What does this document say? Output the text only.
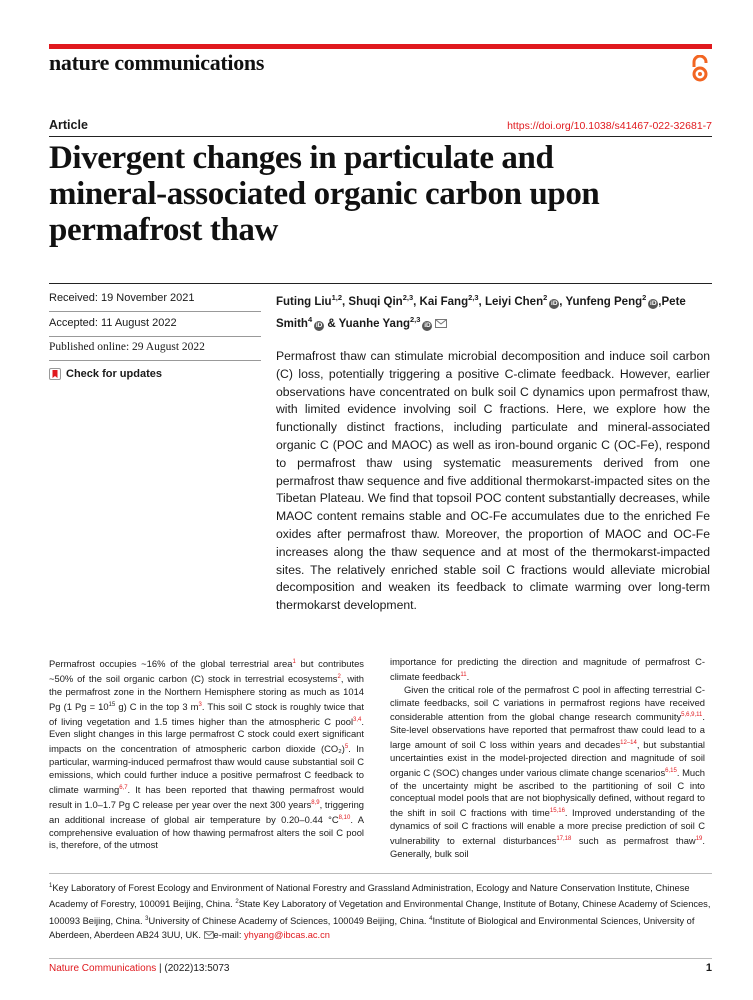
nature communications
Article	https://doi.org/10.1038/s41467-022-32681-7
Divergent changes in particulate and
mineral-associated organic carbon upon
permafrost thaw
Received: 19 November 2021
Accepted: 11 August 2022
Published online: 29 August 2022
Check for updates
Futing Liu$^{1,2}$, Shuqi Qin$^{2,3}$, Kai Fang$^{2,3}$, Leiyi Chen$^2$iD , Yunfeng Peng$^2$iD ,Pete Smith$^4$iD & Yuanhe Yang$^{2,3}$iD

Permafrost thaw can stimulate microbial decomposition and induce soil carbon (C) loss, potentially triggering a positive C-climate feedback. However, earlier observations have concentrated on bulk soil C dynamics upon permafrost thaw, with limited evidence involving soil C fractions. Here, we explore how the functionally distinct fractions, including particulate and mineral-associated organic C (POC and MAOC) as well as iron-bound organic C (OC-Fe), respond to permafrost thaw using systematic measurements derived from one permafrost thaw sequence and five additional thermokarst-impacted sites on the Tibetan Plateau. We find that topsoil POC content substantially decreases, while MAOC content remains stable and OC-Fe accumulates due to the enriched Fe oxides after permafrost thaw. Moreover, the proportion of MAOC and OC-Fe increases along the thaw sequence and at most of the thermokarst-impacted sites. The relatively enriched stable soil C fractions would alleviate microbial decomposition and weaken its feedback to climate warming over long-term thermokarst development.

Permafrost occupies ~16% of the global terrestrial area$^1$ but contributes ~50% of the soil organic carbon (C) stock in terrestrial ecosystems$^2$, with the permafrost zone in the Northern Hemisphere storing as much as 1014 Pg (1 $Pg = 10^{15}$ g) C in the top 3 $m^3$. This soil C stock is roughly twice that of living vegetation and 1.5 times higher than the atmospheric C pool$^{3,4}$. Even slight changes in this large permafrost C stock could exert significant impacts on the concentration of atmospheric carbon dioxide $(CO_2)^5$. In particular, warming-induced permafrost thaw would cause substantial soil C emissions, which could further induce a positive permafrost C feedback to climate warming$^{6,7}$. It has been reported that thawing permafrost would result in 1.0–1.7 Pg C release per year over the next 300 years$^{8,9}$, triggering an additional increase of global air temperature by 0.20–0.44 $^\circ C^{8,10}$. A comprehensive evaluation of how thawing permafrost alters the soil C pool is, therefore, of the utmost
importance for predicting the direction and magnitude of permafrost C-climate feedback$^{11}$.
Given the critical role of the permafrost C pool in affecting terrestrial C-climate feedbacks, soil C variations in permafrost regions have received considerable attention from the global change research community$^{5,6,9,11}$. Site-level observations have reported that permafrost thaw could lead to a large amount of soil C loss within years and decades$^{12-14}$, but substantial uncertainties exist in the model-projected direction and magnitude of soil organic C (SOC) changes under various climate change scenarios$^{6,15}$. Much of the uncertainty might be ascribed to the partitioning of soil C into conceptual model pools that are not biophysically defined, without regard to the shift in soil C fractions with time$^{15,16}$. Improved understanding of the dynamics of soil C fractions will enable a more precise prediction of soil C vulnerability to external disturbances$^{17,18}$ such as permafrost thaw$^{19}$. Generally, bulk soil

$^1$Key Laboratory of Forest Ecology and Environment of National Forestry and Grassland Administration, Ecology and Nature Conservation Institute, Chinese Academy of Forestry, 100091 Beijing, China. $^2$State Key Laboratory of Vegetation and Environmental Change, Institute of Botany, Chinese Academy of Sciences, 100093 Beijing, China. $^3$University of Chinese Academy of Sciences, 100049 Beijing, China. $^4$Institute of Biological and Environmental Sciences, University of Aberdeen, Aberdeen AB24 3UU, UK. e-mail: yhyang@ibcas.ac.cn

Nature Communications | (2022)13:5073	1
